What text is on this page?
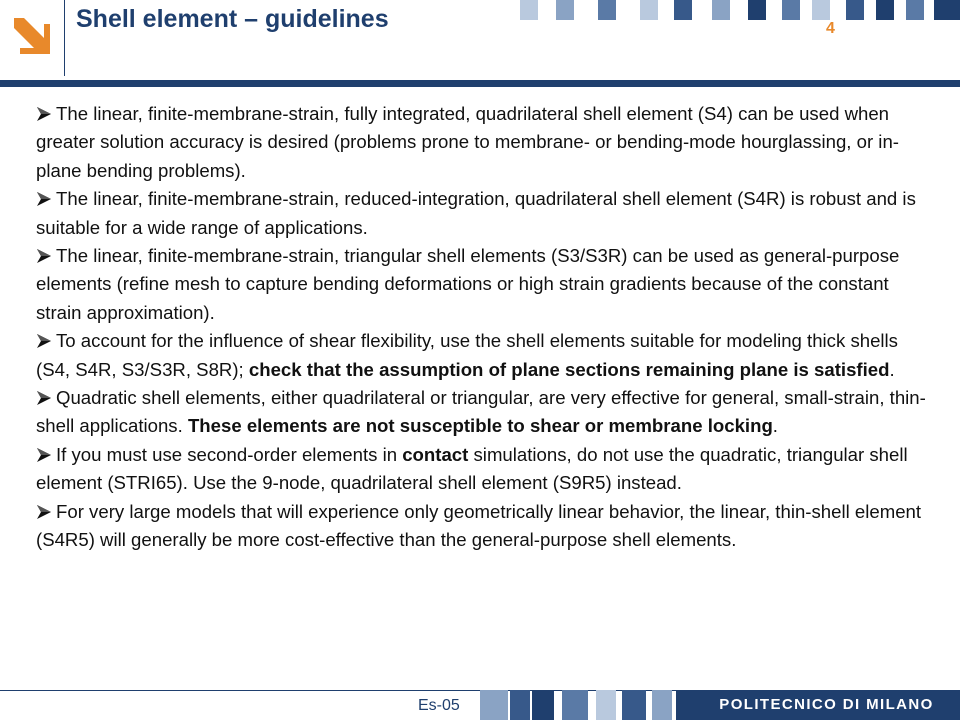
Shell element – guidelines	4
The linear, finite-membrane-strain, fully integrated, quadrilateral shell element (S4) can be used when greater solution accuracy is desired (problems prone to membrane- or bending-mode hourglassing, or in-plane bending problems).
The linear, finite-membrane-strain, reduced-integration, quadrilateral shell element (S4R) is robust and is suitable for a wide range of applications.
The linear, finite-membrane-strain, triangular shell elements (S3/S3R) can be used as general-purpose elements (refine mesh to capture bending deformations or high strain gradients because of the constant strain approximation).
To account for the influence of shear flexibility, use the shell elements suitable for modeling thick shells (S4, S4R, S3/S3R, S8R); check that the assumption of plane sections remaining plane is satisfied.
Quadratic shell elements, either quadrilateral or triangular, are very effective for general, small-strain, thin-shell applications. These elements are not susceptible to shear or membrane locking.
If you must use second-order elements in contact simulations, do not use the quadratic, triangular shell element (STRI65). Use the 9-node, quadrilateral shell element (S9R5) instead.
For very large models that will experience only geometrically linear behavior, the linear, thin-shell element (S4R5) will generally be more cost-effective than the general-purpose shell elements.
Es-05	POLITECNICO DI MILANO
